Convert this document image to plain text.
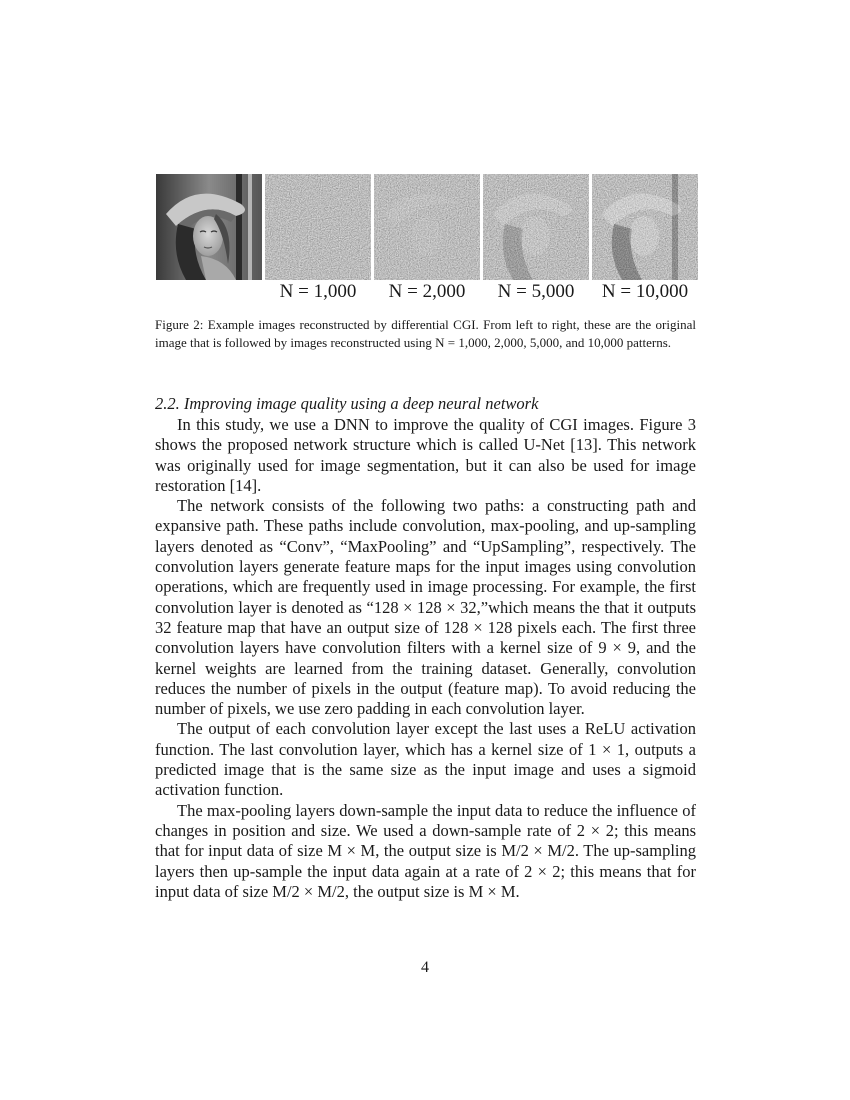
N = 1,000	N = 2,000	N = 5,000	N = 10,000
Figure 2: Example images reconstructed by differential CGI. From left to right, these are the original image that is followed by images reconstructed using N = 1,000, 2,000, 5,000, and 10,000 patterns.
2.2. Improving image quality using a deep neural network

In this study, we use a DNN to improve the quality of CGI images. Figure 3 shows the proposed network structure which is called U-Net [13]. This network was originally used for image segmentation, but it can also be used for image restoration [14].

The network consists of the following two paths: a constructing path and expansive path. These paths include convolution, max-pooling, and up-sampling layers denoted as “Conv”, “MaxPooling” and “UpSampling”, respectively. The convolution layers generate feature maps for the input images using convolution operations, which are frequently used in image processing. For example, the first convolution layer is denoted as “128 × 128 × 32,”which means the that it outputs 32 feature map that have an output size of 128 × 128 pixels each. The first three convolution layers have convolution filters with a kernel size of 9 × 9, and the kernel weights are learned from the training dataset. Generally, convolution reduces the number of pixels in the output (feature map). To avoid reducing the number of pixels, we use zero padding in each convolution layer.

The output of each convolution layer except the last uses a ReLU activation function. The last convolution layer, which has a kernel size of 1 × 1, outputs a predicted image that is the same size as the input image and uses a sigmoid activation function.

The max-pooling layers down-sample the input data to reduce the influence of changes in position and size. We used a down-sample rate of 2 × 2; this means that for input data of size M × M, the output size is M/2 × M/2. The up-sampling layers then up-sample the input data again at a rate of 2 × 2; this means that for input data of size M/2 × M/2, the output size is M × M.

4
